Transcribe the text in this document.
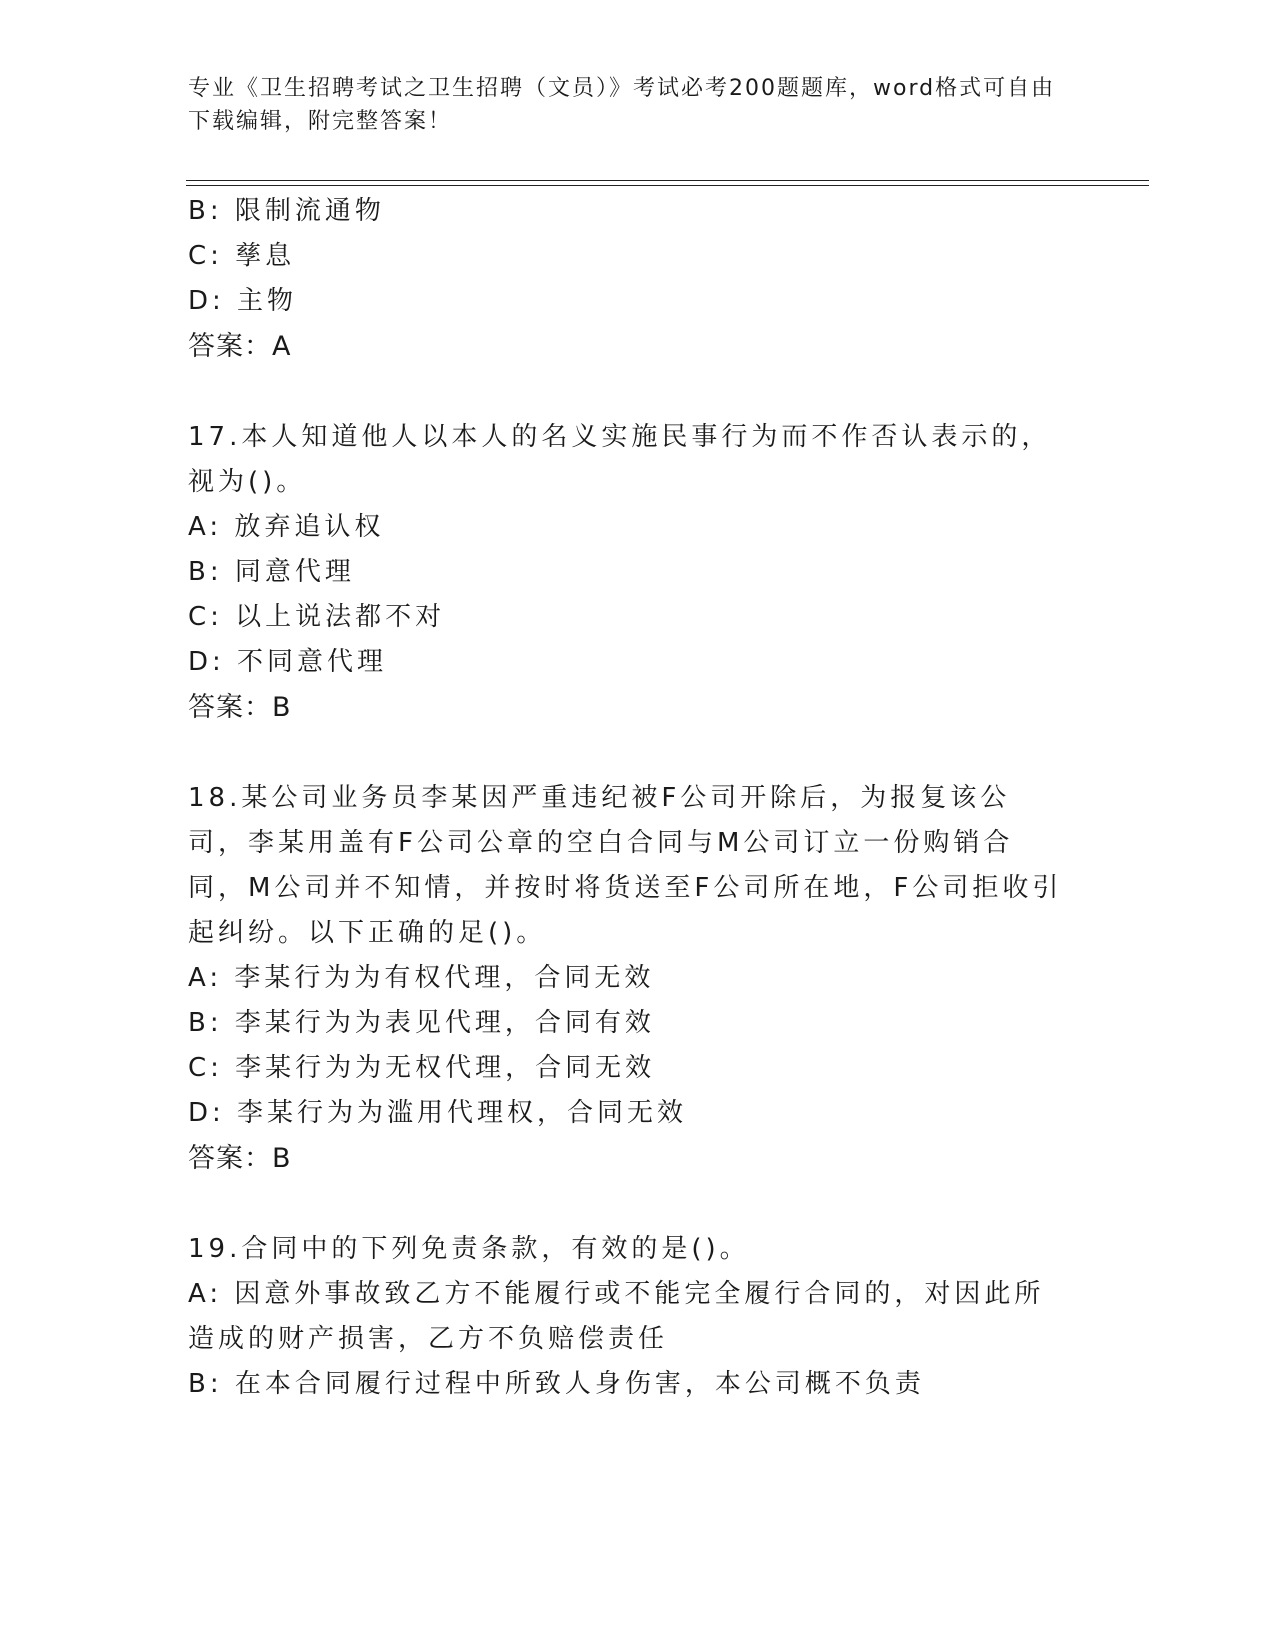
专业《卫生招聘考试之卫生招聘（文员）》考试必考200题题库，word格式可自由下载编辑，附完整答案！
B: 限制流通物
C: 孳息
D: 主物
答案：A
17.本人知道他人以本人的名义实施民事行为而不作否认表示的，视为()。
A: 放弃追认权
B: 同意代理
C: 以上说法都不对
D: 不同意代理
答案：B
18.某公司业务员李某因严重违纪被F公司开除后，为报复该公司，李某用盖有F公司公章的空白合同与M公司订立一份购销合同，M公司并不知情，并按时将货送至F公司所在地，F公司拒收引起纠纷。以下正确的足()。
A: 李某行为为有权代理，合同无效
B: 李某行为为表见代理，合同有效
C: 李某行为为无权代理，合同无效
D: 李某行为为滥用代理权，合同无效
答案：B
19.合同中的下列免责条款，有效的是()。
A: 因意外事故致乙方不能履行或不能完全履行合同的，对因此所造成的财产损害，乙方不负赔偿责任
B: 在本合同履行过程中所致人身伤害，本公司概不负责
